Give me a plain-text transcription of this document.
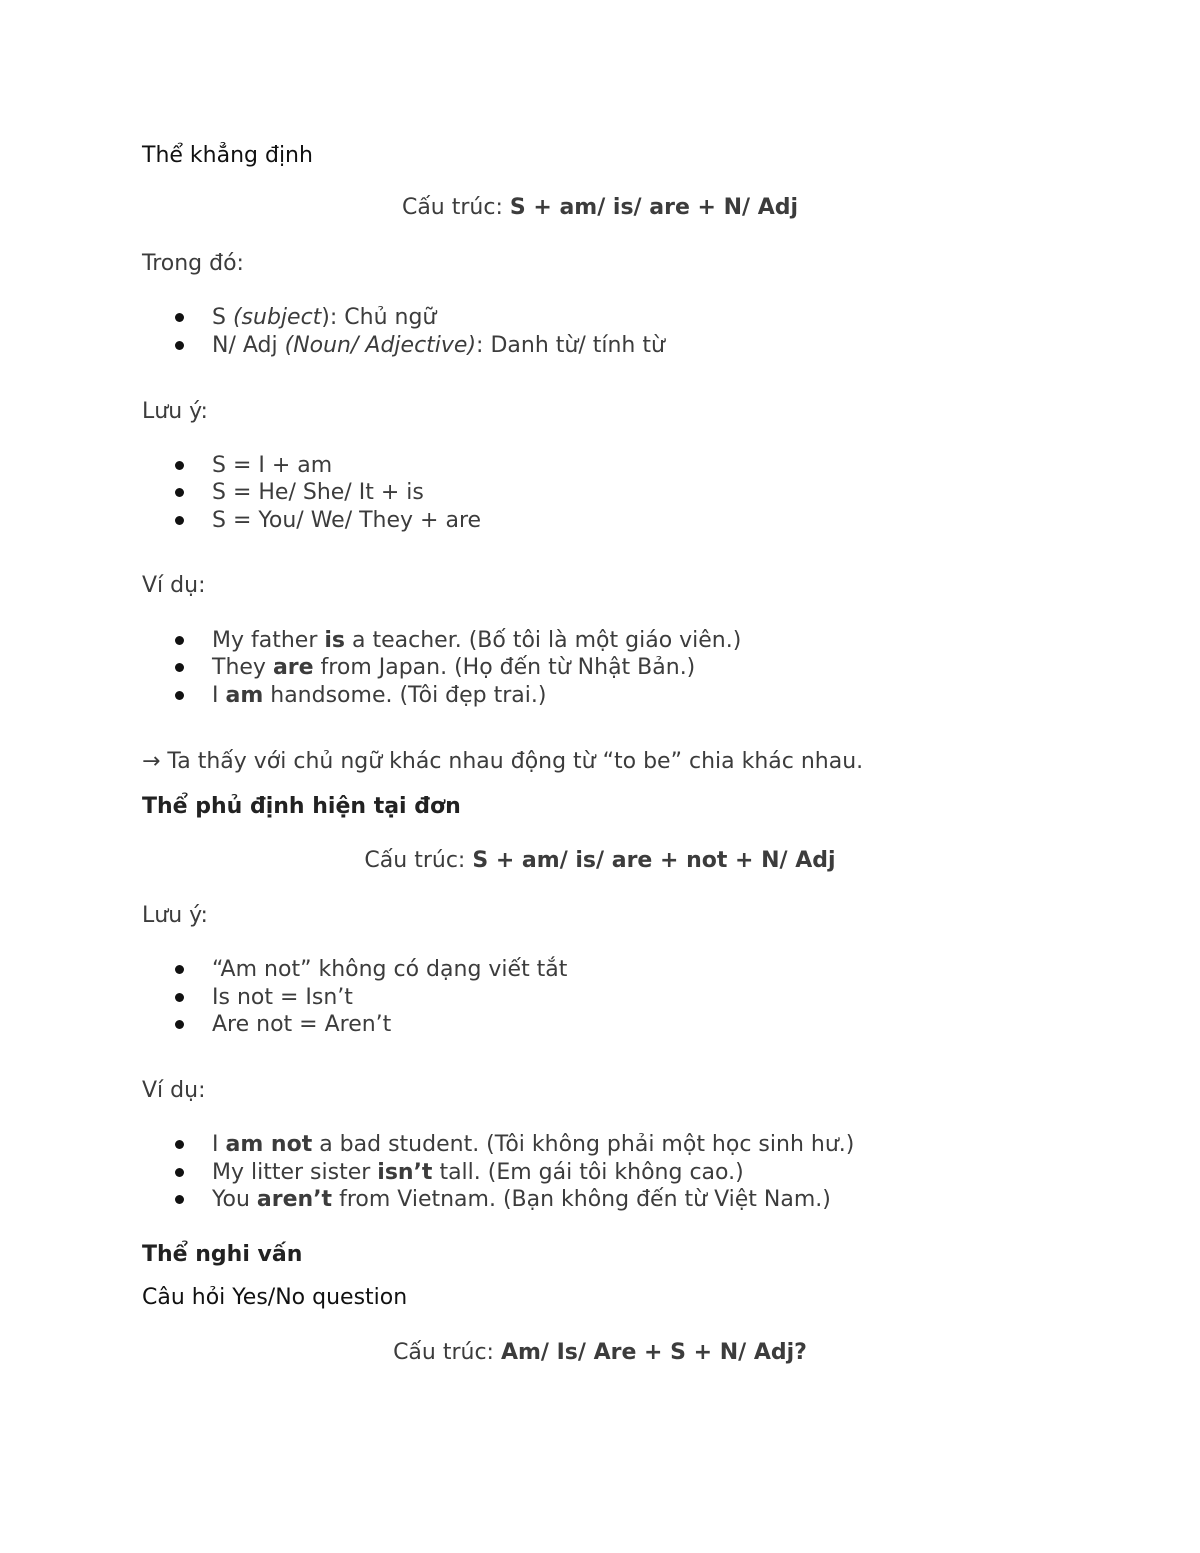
Thể khẳng định
Cấu trúc: S + am/ is/ are + N/ Adj
Trong đó:
S (subject): Chủ ngữ
N/ Adj (Noun/ Adjective): Danh từ/ tính từ
Lưu ý:
S = I + am
S = He/ She/ It + is
S = You/ We/ They + are
Ví dụ:
My father is a teacher. (Bố tôi là một giáo viên.)
They are from Japan. (Họ đến từ Nhật Bản.)
I am handsome. (Tôi đẹp trai.)
→ Ta thấy với chủ ngữ khác nhau động từ “to be” chia khác nhau.
Thể phủ định hiện tại đơn
Cấu trúc: S + am/ is/ are + not + N/ Adj
Lưu ý:
“Am not” không có dạng viết tắt
Is not = Isn’t
Are not = Aren’t
Ví dụ:
I am not a bad student. (Tôi không phải một học sinh hư.)
My litter sister isn’t tall. (Em gái tôi không cao.)
You aren’t from Vietnam. (Bạn không đến từ Việt Nam.)
Thể nghi vấn
Câu hỏi Yes/No question
Cấu trúc: Am/ Is/ Are + S + N/ Adj?
